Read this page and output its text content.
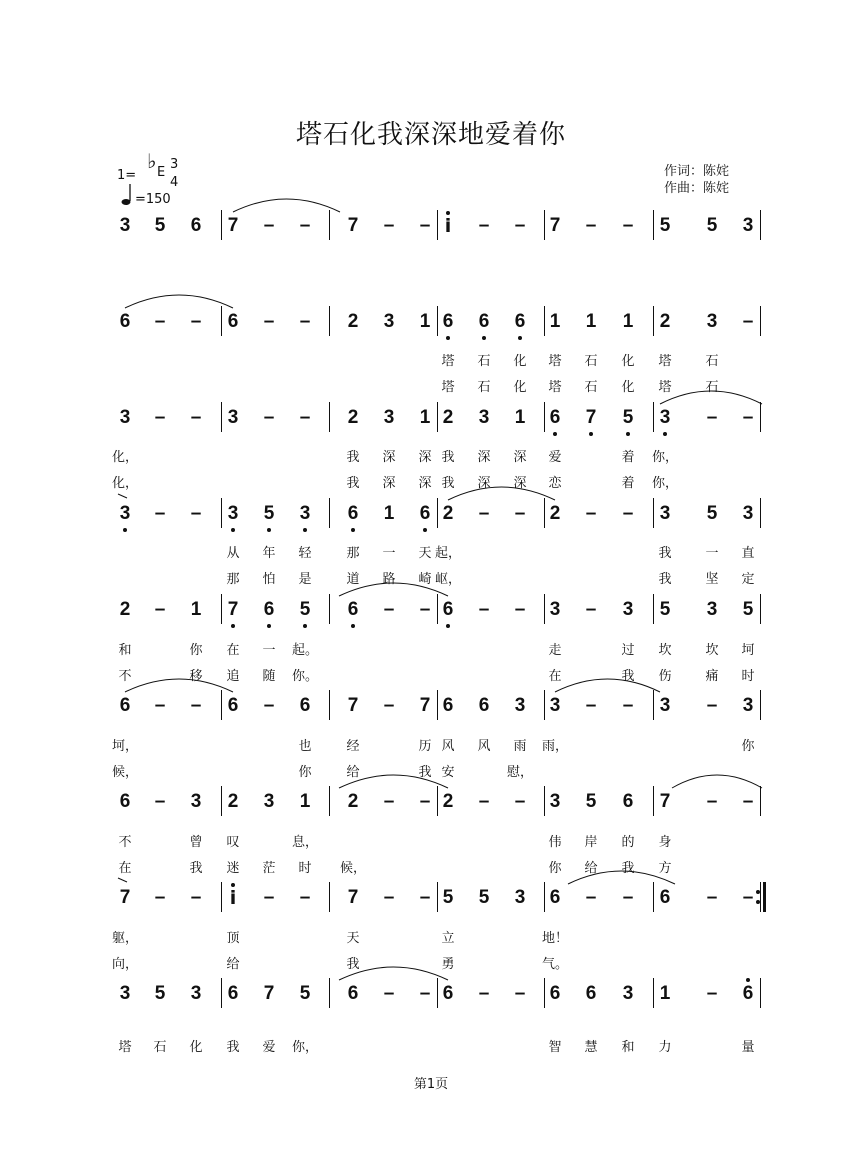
塔石化我深深地爱着你
1=
♭ E
3
4
=150
作词：陈姹
作曲：陈姹
3 5 6 7 – – 7 – – i – – 7 – – 5 5 3
6 – – 6 – – 2 3 1 6 6 6 1 1 1 2 3 –
塔 石 化 塔 石 化 塔	石
塔 石 化 塔 石 化 塔	石
3 – – 3 – – 2 3 1 2 3 1 6 7 5 3 – –
化，	我 深 深 我 深 深 爱	着 你，
化，	我 深 深 我 深 深 恋	着 你，
3 – – 3 5 3 6 1 6 2 – – 2 – – 3 5 3
从 年 轻	那 一 天 起，	我	一 直
那 怕 是	道 路 崎 岖，	我	坚 定
2 – 1 7 6 5 6 – – 6 – – 3 – 3 5 3 5
和	你 在 一 起。	走	过 坎	坎 坷
不	移 追 随 你。	在	我 伤	痛 时
6 – – 6 – 6 7 – 7 6 6 3 3 – – 3 – 3
坷，	也	经	历 风 风 雨 雨，	你
候，	你	给	我 安	慰，
6 – 3 2 3 1 2 – – 2 – – 3 5 6 7 – –
不	曾 叹	息，	伟 岸 的 身
在	我 迷 茫 时 候，	你 给 我 方
7 – – i – – 7 – – 5 5 3 6 – – 6 – –
躯，	顶	天	立	地！
向，	给	我	勇	气。
3 5 3 6 7 5 6 – – 6 – – 6 6 3 1 – 6
塔 石 化 我 爱 你，	智 慧 和 力	量
第1页
